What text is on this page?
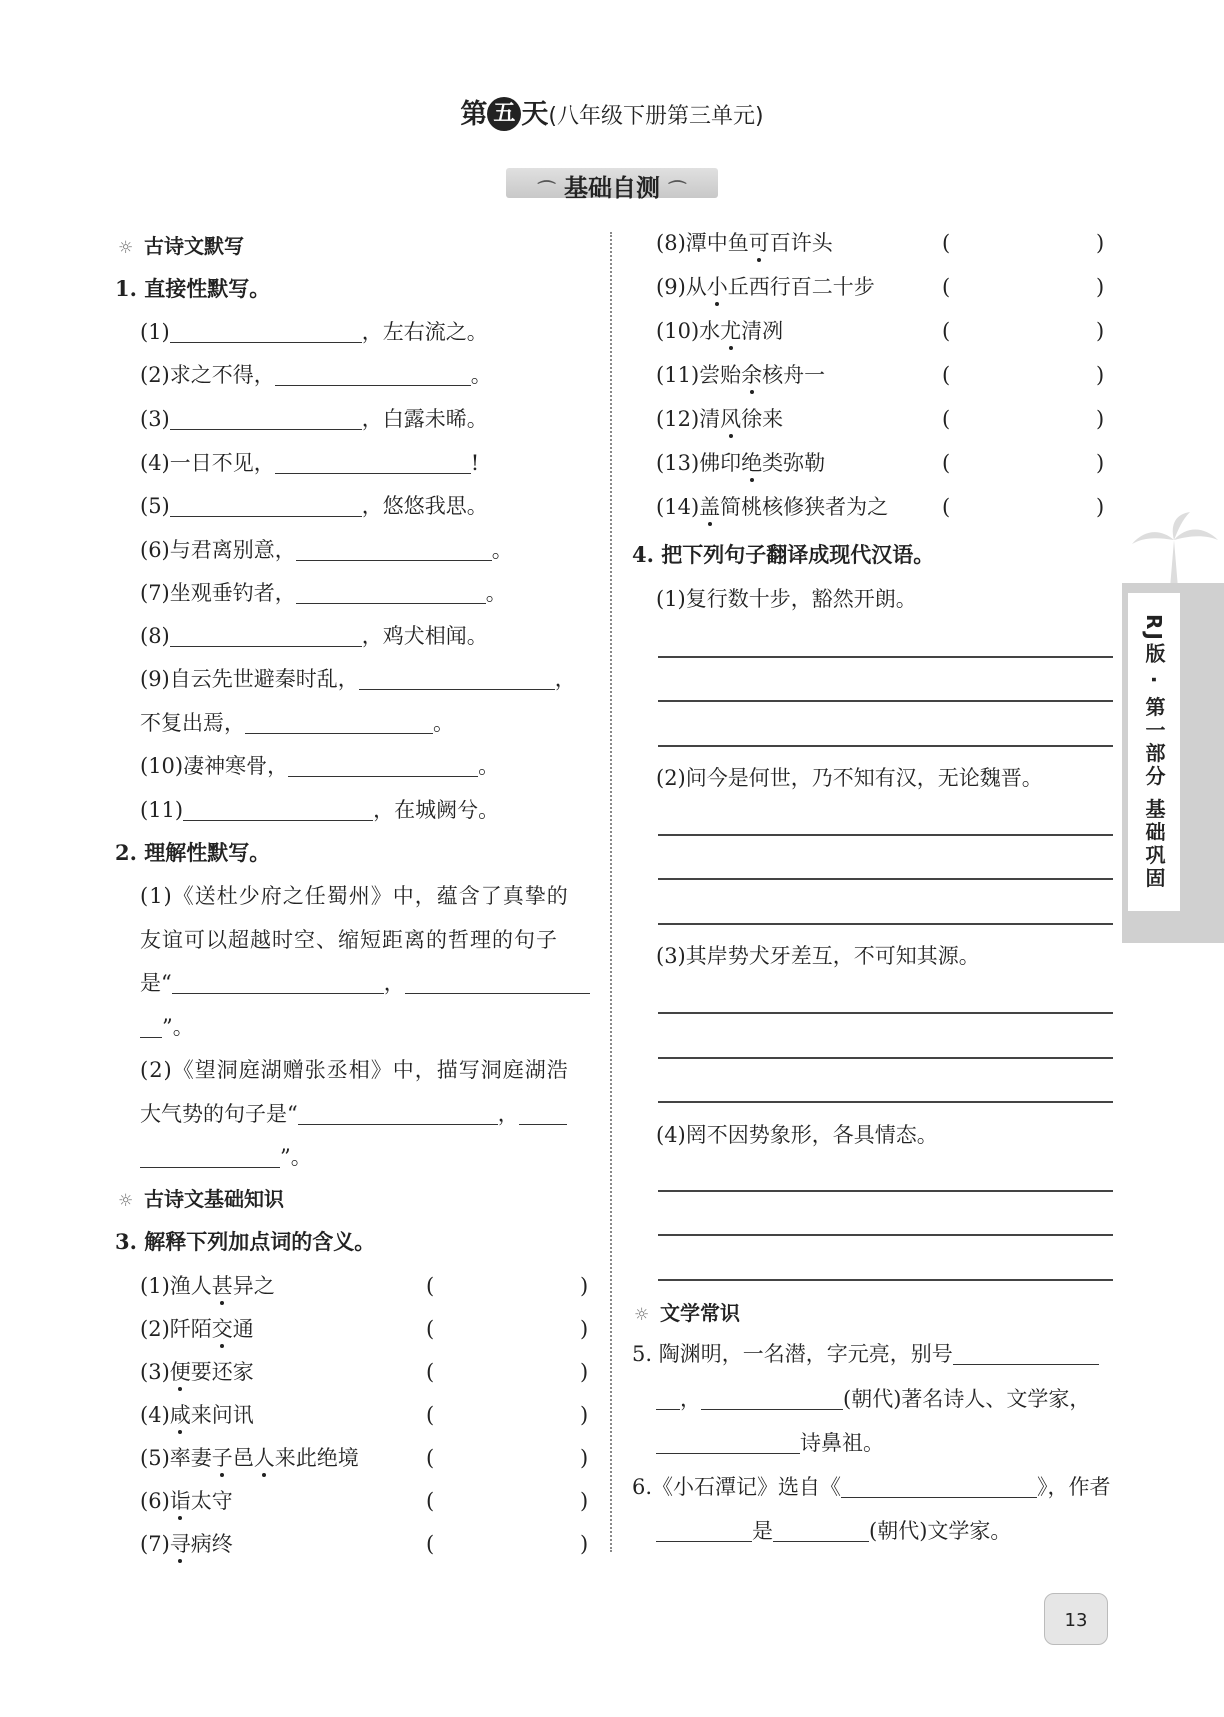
第 五 天(八年级下册第三单元)
⌒ 基础自测 ⌒
☼ 古诗文默写
1. 直接性默写。
(1)	，左右流之。
(2)求之不得，	。
(3)	，白露未晞。
(4)一日不见，	!
(5)	，悠悠我思。
(6)与君离别意，	。
(7)坐观垂钓者，	。
(8)	，鸡犬相闻。
(9)自云先世避秦时乱，	，
不复出焉，	。
(10)凄神寒骨，	。
(11)	，在城阙兮。
2. 理解性默写。
(1)《送杜少府之任蜀州》中，蕴含了真挚的
友谊可以超越时空、缩短距离的哲理的句子
是“	，
”。
(2)《望洞庭湖赠张丞相》中，描写洞庭湖浩
大气势的句子是“	，
”。
☼ 古诗文基础知识
3. 解释下列加点词的含义。
4. 把下列句子翻译成现代汉语。
(1)复行数十步，豁然开朗。
(2)问今是何世，乃不知有汉，无论魏晋。
(3)其岸势犬牙差互，不可知其源。
(4)罔不因势象形，各具情态。
☼ 文学常识
5. 陶渊明，一名潜，字元亮，别号
，	(朝代)著名诗人、文学家，
诗鼻祖。
6.《小石潭记》选自《	》，作者
是	(朝代)文学家。
RJ版 · 第一部分 基础巩固
13
(1)渔人甚异之	(	)
(2)阡陌交通	(	)
(3)便要还家	(	)
(4)咸来问讯	(	)
(5)率妻子邑人来此绝境	(	)
(6)诣太守	(	)
(7)寻病终	(	)
(8)潭中鱼可百许头	(	)
(9)从小丘西行百二十步	(	)
(10)水尤清冽	(	)
(11)尝贻余核舟一	(	)
(12)清风徐来	(	)
(13)佛印绝类弥勒	(	)
(14)盖简桃核修狭者为之	(	)
